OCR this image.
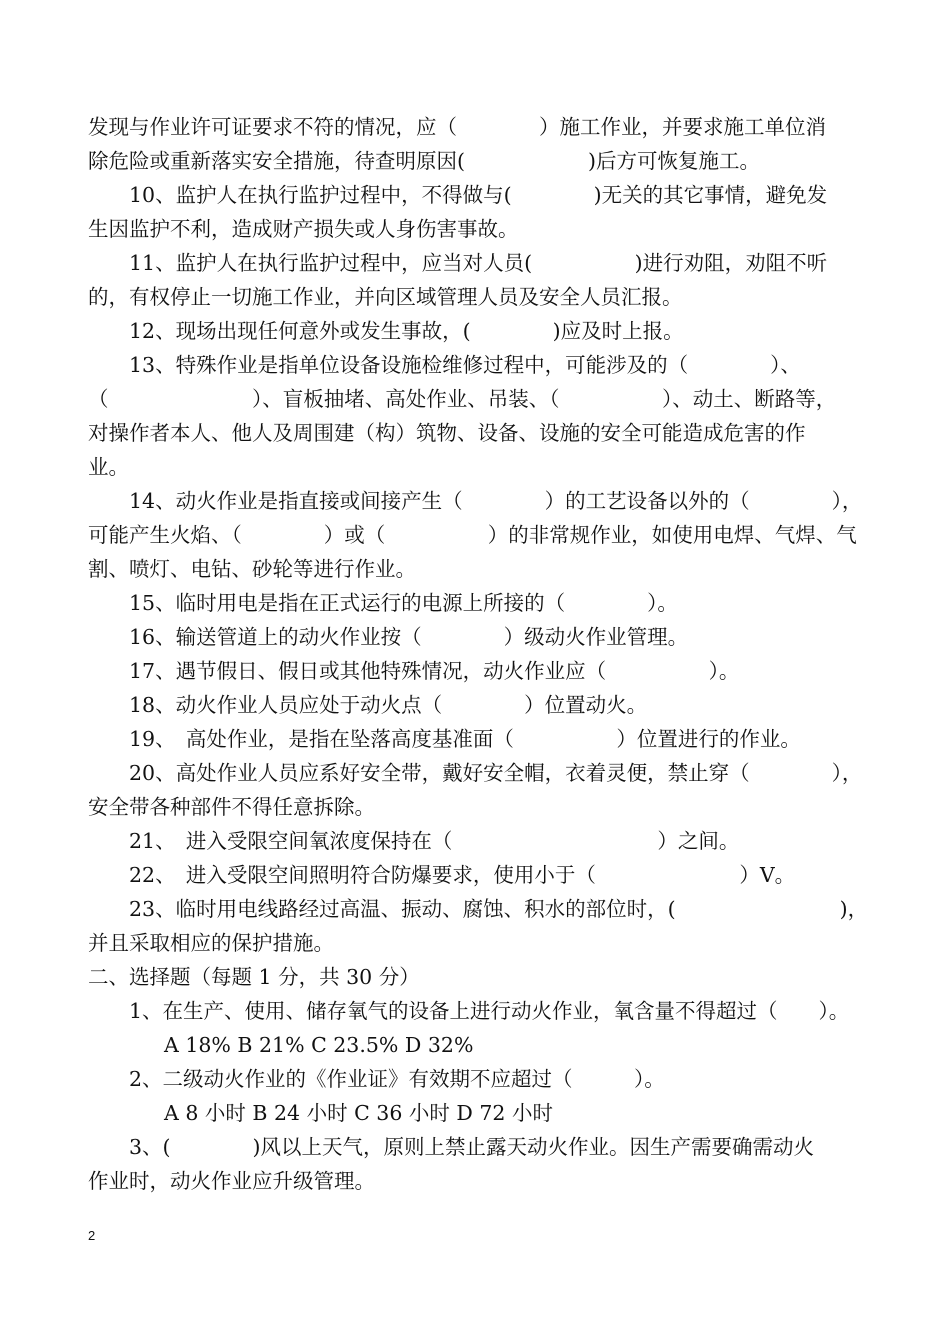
发现与作业许可证要求不符的情况，应（　　　　）施工作业，并要求施工单位消
除危险或重新落实安全措施，待查明原因(　　　　　　)后方可恢复施工。
10、监护人在执行监护过程中，不得做与(　　　　)无关的其它事情，避免发
生因监护不利，造成财产损失或人身伤害事故。
11、监护人在执行监护过程中，应当对人员(　　　　　)进行劝阻，劝阻不听
的，有权停止一切施工作业，并向区域管理人员及安全人员汇报。
12、现场出现任何意外或发生事故，(　　　　)应及时上报。
13、特殊作业是指单位设备设施检维修过程中，可能涉及的（　　　　）、
（　　　　　　　）、盲板抽堵、高处作业、吊装、（　　　　　）、动土、断路等，
对操作者本人、他人及周围建（构）筑物、设备、设施的安全可能造成危害的作
业。
14、动火作业是指直接或间接产生（　　　　）的工艺设备以外的（　　　　），
可能产生火焰、（　　　　）或（　　　　　）的非常规作业，如使用电焊、气焊、气
割、喷灯、电钻、砂轮等进行作业。
15、临时用电是指在正式运行的电源上所接的（　　　　）。
16、输送管道上的动火作业按（　　　　）级动火作业管理。
17、遇节假日、假日或其他特殊情况，动火作业应（　　　　　）。
18、动火作业人员应处于动火点（　　　　）位置动火。
19、　高处作业，是指在坠落高度基准面（　　　　　）位置进行的作业。
20、高处作业人员应系好安全带，戴好安全帽，衣着灵便，禁止穿（　　　　），
安全带各种部件不得任意拆除。
21、　进入受限空间氧浓度保持在（　　　　　　　　　　）之间。
22、　进入受限空间照明符合防爆要求，使用小于（　　　　　　　）V。
23、临时用电线路经过高温、振动、腐蚀、积水的部位时，(　　　　　　　　)，
并且采取相应的保护措施。
二、选择题（每题 1 分，共 30 分）
1、在生产、使用、储存氧气的设备上进行动火作业，氧含量不得超过（　　）。
A 18% B 21% C 23.5% D 32%
2、二级动火作业的《作业证》有效期不应超过（　　　）。
A 8 小时 B 24 小时 C 36 小时 D 72 小时
3、(　　　　)风以上天气，原则上禁止露天动火作业。因生产需要确需动火
作业时，动火作业应升级管理。
2
